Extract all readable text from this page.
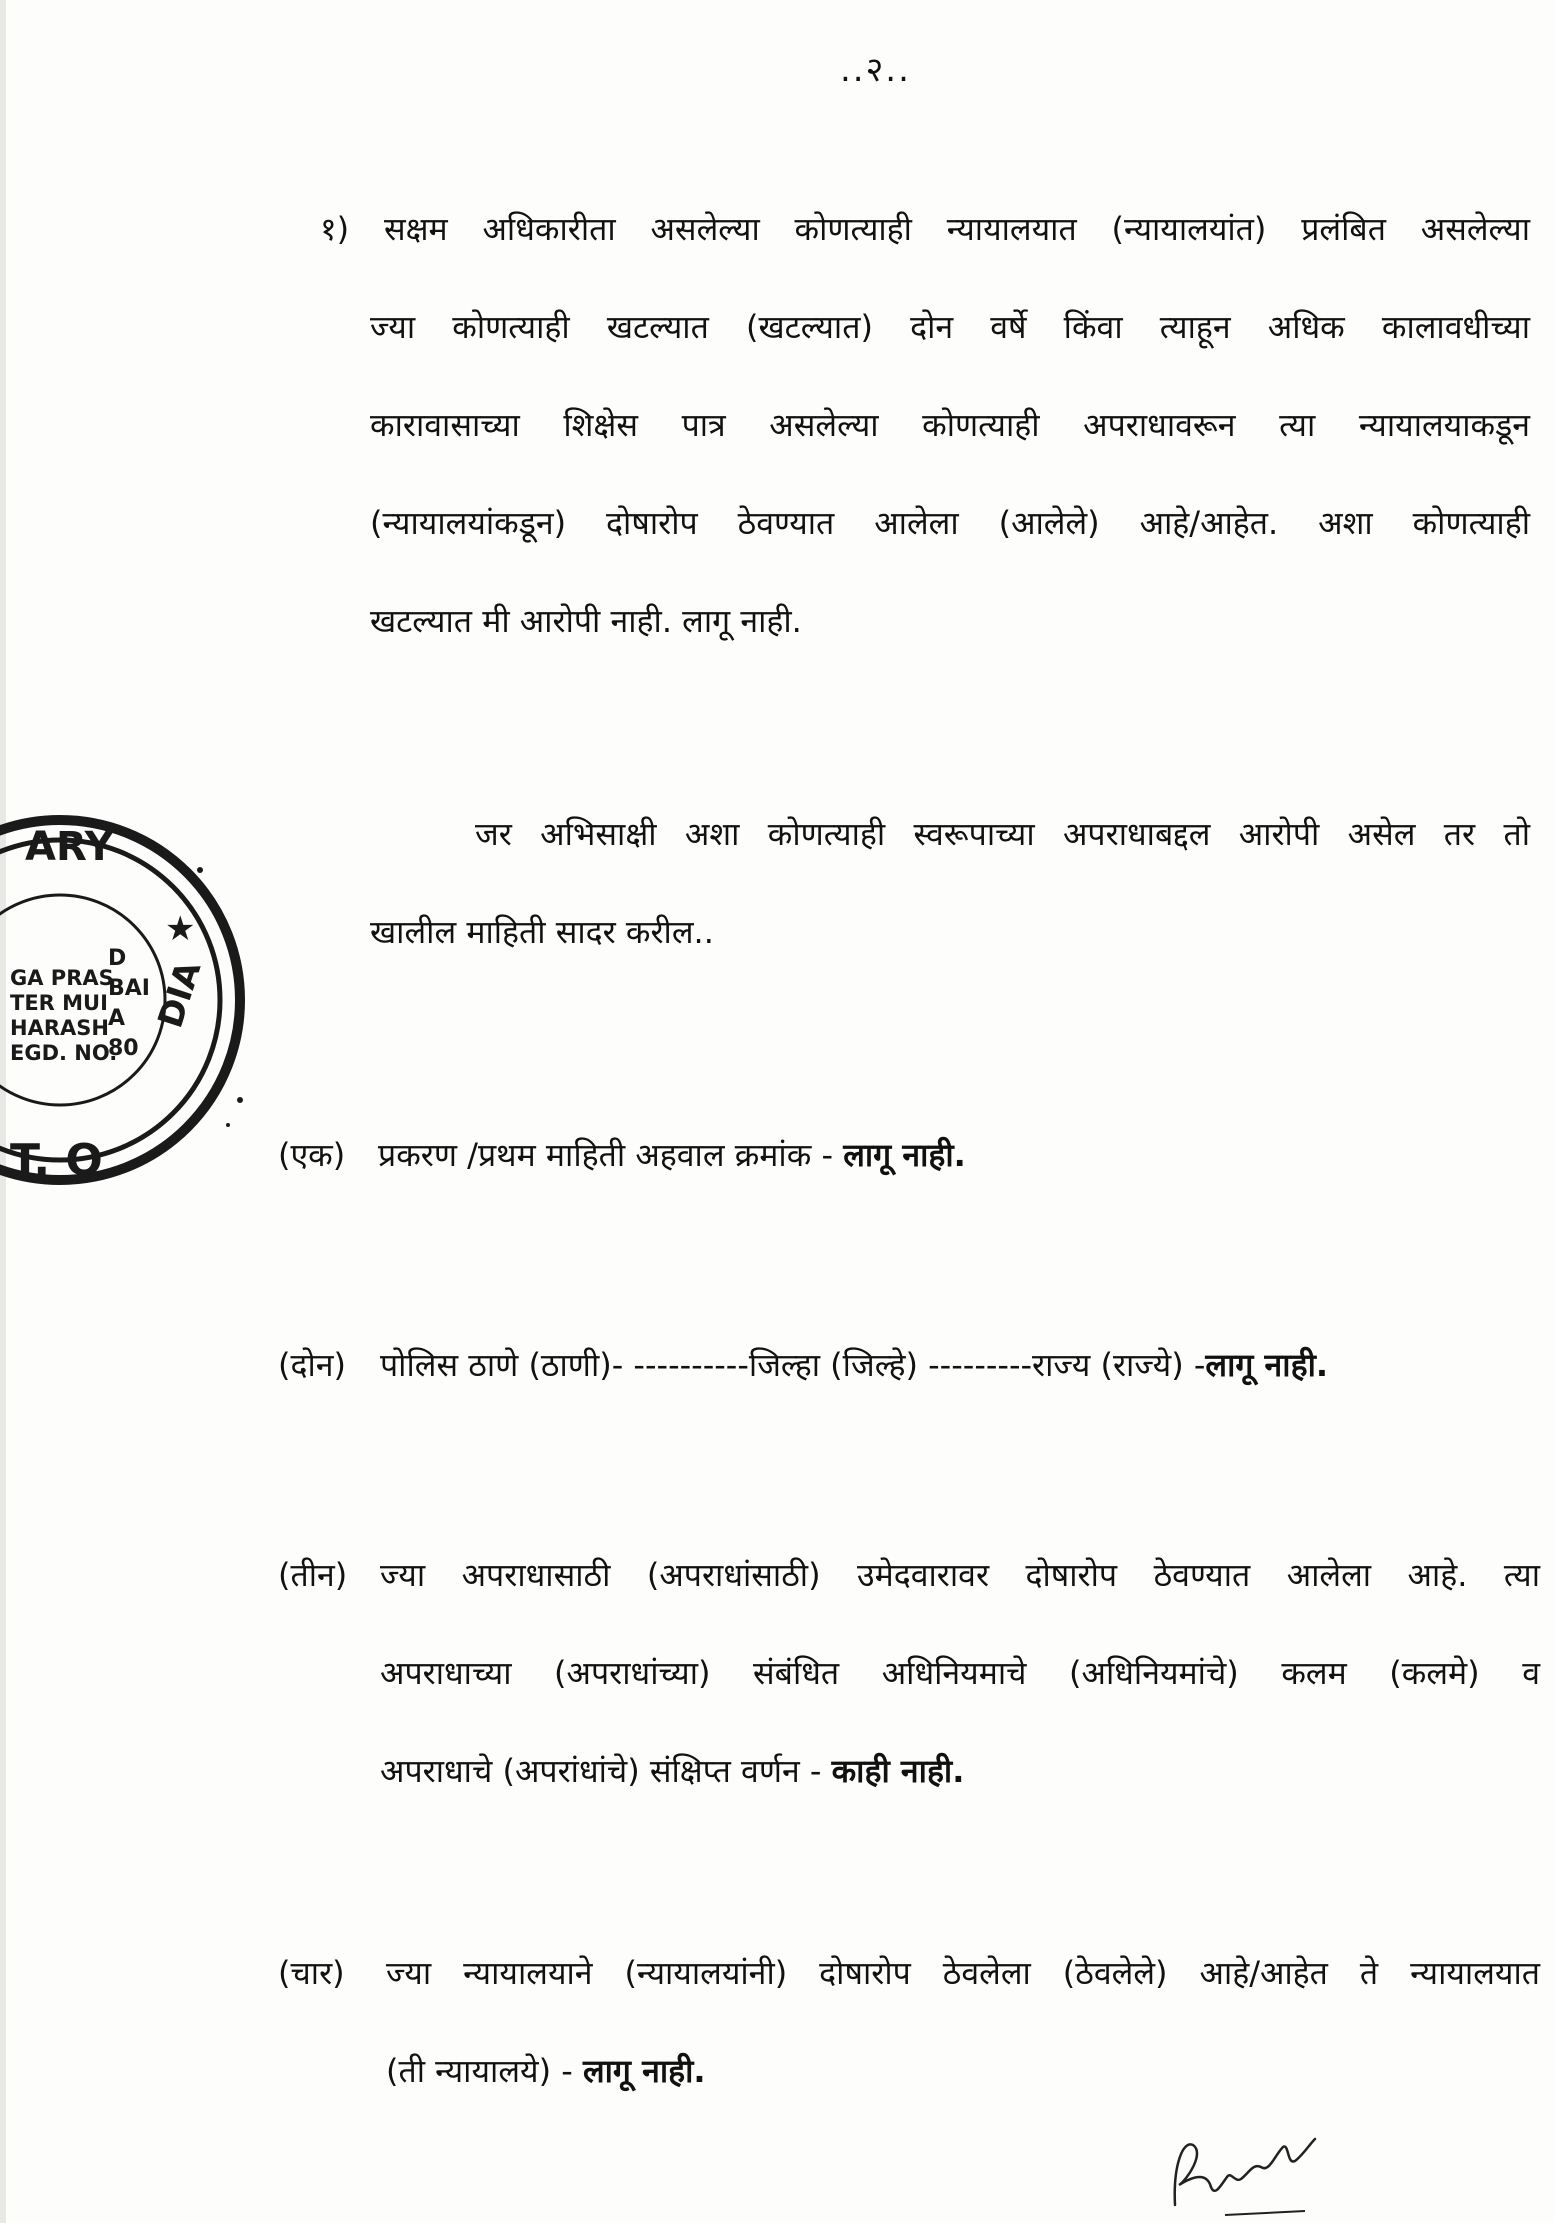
..२..
१) सक्षम अधिकारीता असलेल्या कोणत्याही न्यायालयात (न्यायालयांत) प्रलंबित असलेल्या
ज्या कोणत्याही खटल्यात (खटल्यात) दोन वर्षे किंवा त्याहून अधिक कालावधीच्या
कारावासाच्या शिक्षेस पात्र असलेल्या कोणत्याही अपराधावरून त्या न्यायालयाकडून
(न्यायालयांकडून) दोषारोप ठेवण्यात आलेला (आलेले) आहे/आहेत. अशा कोणत्याही
खटल्यात मी आरोपी नाही. लागू नाही.
जर अभिसाक्षी अशा कोणत्याही स्वरूपाच्या अपराधाबद्दल आरोपी असेल तर तो
खालील माहिती सादर करील..
(एक) प्रकरण /प्रथम माहिती अहवाल क्रमांक - लागू नाही.
(दोन) पोलिस ठाणे (ठाणी)- ----------जिल्हा (जिल्हे) ---------राज्य (राज्ये) -लागू नाही.
(तीन) ज्या अपराधासाठी (अपराधांसाठी) उमेदवारावर दोषारोप ठेवण्यात आलेला आहे. त्या
अपराधाच्या (अपराधांच्या) संबंधित अधिनियमाचे (अधिनियमांचे) कलम (कलमे) व
अपराधाचे (अपरांधांचे) संक्षिप्त वर्णन - काही नाही.
(चार) ज्या न्यायालयाने (न्यायालयांनी) दोषारोप ठेवलेला (ठेवलेले) आहे/आहेत ते न्यायालयात
(ती न्यायालये) - लागू नाही.
ARY
GA PRAS
TER MUI
HARASH
EGD. NO.
D
BAI
A
80
DIA
T. O
★
